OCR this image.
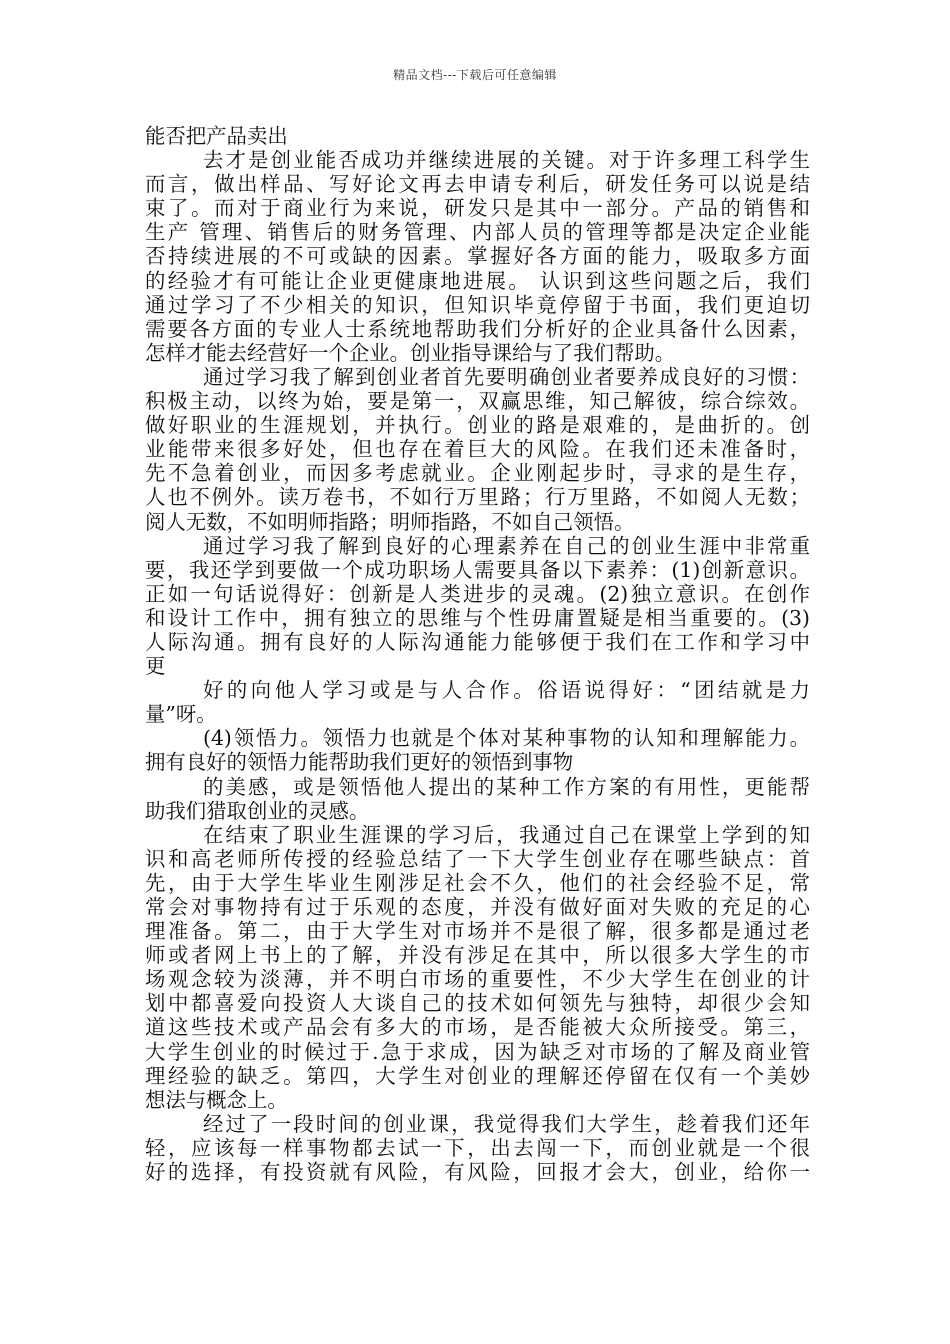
精品文档---下载后可任意编辑
能否把产品卖出
去才是创业能否成功并继续进展的关键。对于许多理工科学生
而言，做出样品、写好论文再去申请专利后，研发任务可以说是结
束了。而对于商业行为来说，研发只是其中一部分。产品的销售和
生产 管理、销售后的财务管理、内部人员的管理等都是决定企业能
否持续进展的不可或缺的因素。掌握好各方面的能力，吸取多方面
的经验才有可能让企业更健康地进展。 认识到这些问题之后，我们
通过学习了不少相关的知识，但知识毕竟停留于书面，我们更迫切
需要各方面的专业人士系统地帮助我们分析好的企业具备什么因素，
怎样才能去经营好一个企业。创业指导课给与了我们帮助。
通过学习我了解到创业者首先要明确创业者要养成良好的习惯：
积极主动，以终为始，要是第一，双赢思维，知己解彼，综合综效。
做好职业的生涯规划，并执行。创业的路是艰难的，是曲折的。创
业能带来很多好处，但也存在着巨大的风险。在我们还未准备时，
先不急着创业，而因多考虑就业。企业刚起步时，寻求的是生存，
人也不例外。读万卷书，不如行万里路；行万里路，不如阅人无数；
阅人无数，不如明师指路；明师指路，不如自己领悟。
通过学习我了解到良好的心理素养在自己的创业生涯中非常重
要，我还学到要做一个成功职场人需要具备以下素养：(1)创新意识。
正如一句话说得好：创新是人类进步的灵魂。(2)独立意识。在创作
和设计工作中，拥有独立的思维与个性毋庸置疑是相当重要的。(3)
人际沟通。拥有良好的人际沟通能力能够便于我们在工作和学习中
更
好的向他人学习或是与人合作。俗语说得好：“团结就是力
量”呀。
(4)领悟力。领悟力也就是个体对某种事物的认知和理解能力。
拥有良好的领悟力能帮助我们更好的领悟到事物
的美感，或是领悟他人提出的某种工作方案的有用性，更能帮
助我们猎取创业的灵感。
在结束了职业生涯课的学习后，我通过自己在课堂上学到的知
识和高老师所传授的经验总结了一下大学生创业存在哪些缺点：首
先，由于大学生毕业生刚涉足社会不久，他们的社会经验不足，常
常会对事物持有过于乐观的态度，并没有做好面对失败的充足的心
理准备。第二，由于大学生对市场并不是很了解，很多都是通过老
师或者网上书上的了解，并没有涉足在其中，所以很多大学生的市
场观念较为淡薄，并不明白市场的重要性，不少大学生在创业的计
划中都喜爱向投资人大谈自己的技术如何领先与独特，却很少会知
道这些技术或产品会有多大的市场，是否能被大众所接受。第三，
大学生创业的时候过于.急于求成，因为缺乏对市场的了解及商业管
理经验的缺乏。第四，大学生对创业的理解还停留在仅有一个美妙
想法与概念上。
经过了一段时间的创业课，我觉得我们大学生，趁着我们还年
轻，应该每一样事物都去试一下，出去闯一下，而创业就是一个很
好的选择，有投资就有风险，有风险，回报才会大，创业，给你一
